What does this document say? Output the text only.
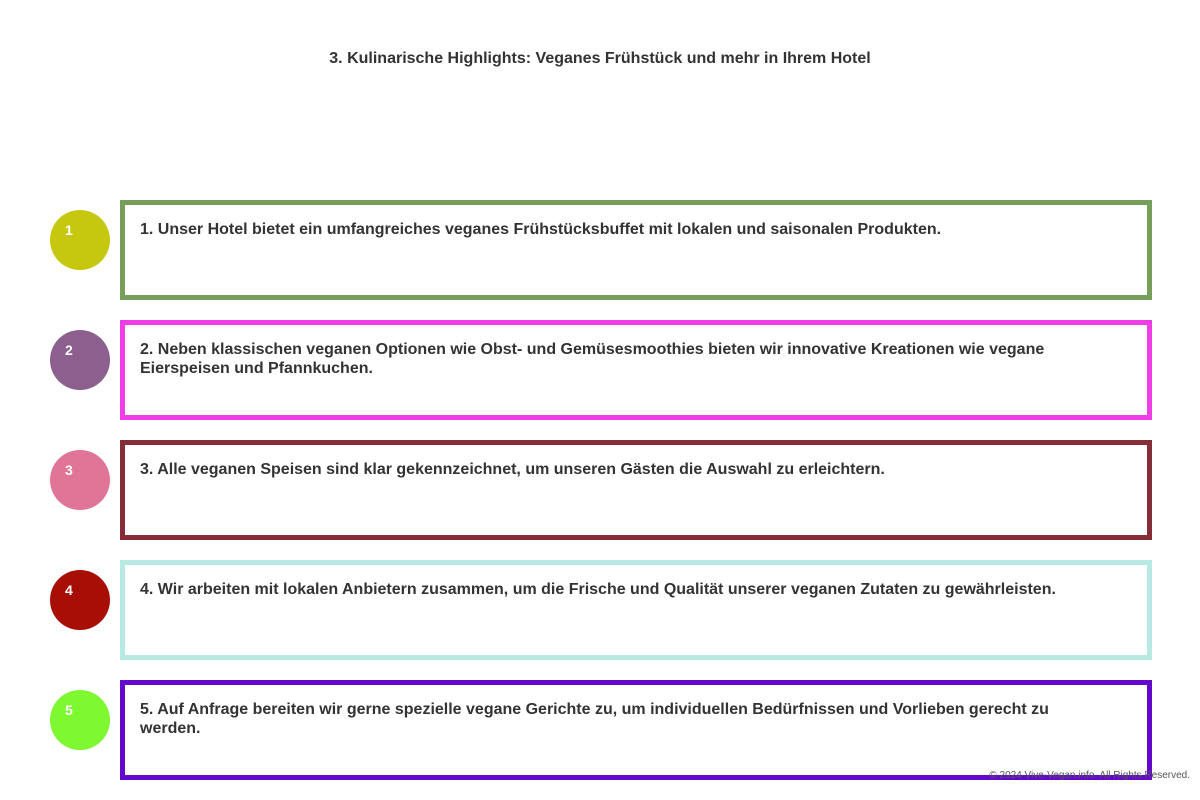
3. Kulinarische Highlights: Veganes Frühstück und mehr in Ihrem Hotel
1	1. Unser Hotel bietet ein umfangreiches veganes Frühstücksbuffet mit lokalen und saisonalen Produkten.
2	2. Neben klassischen veganen Optionen wie Obst- und Gemüsesmoothies bieten wir innovative Kreationen wie vegane Eierspeisen und Pfannkuchen.
3	3. Alle veganen Speisen sind klar gekennzeichnet, um unseren Gästen die Auswahl zu erleichtern.
4	4. Wir arbeiten mit lokalen Anbietern zusammen, um die Frische und Qualität unserer veganen Zutaten zu gewährleisten.
5	5. Auf Anfrage bereiten wir gerne spezielle vegane Gerichte zu, um individuellen Bedürfnissen und Vorlieben gerecht zu werden.
© 2024 Vive-Vegan.info. All Rights Reserved.
